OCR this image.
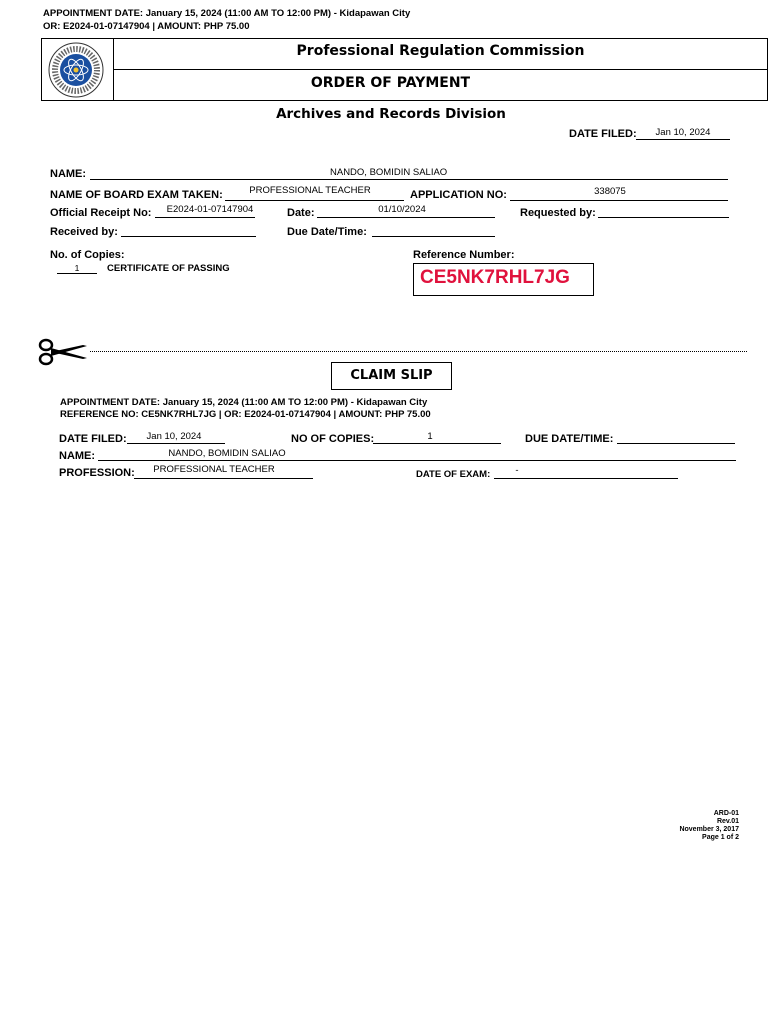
APPOINTMENT DATE: January 15, 2024 (11:00 AM TO 12:00 PM) - Kidapawan City
OR: E2024-01-07147904 | AMOUNT: PHP 75.00
Professional Regulation Commission
ORDER OF PAYMENT
Archives and Records Division
DATE FILED:	Jan 10, 2024
NAME:	NANDO, BOMIDIN SALIAO
NAME OF BOARD EXAM TAKEN:	PROFESSIONAL TEACHER	APPLICATION NO:	338075
Official Receipt No:	E2024-01-07147904	Date:	01/10/2024	Requested by:
Received by:	Due Date/Time:
No. of Copies:
1	CERTIFICATE OF PASSING
Reference Number:
CE5NK7RHL7JG
CLAIM SLIP
APPOINTMENT DATE: January 15, 2024 (11:00 AM TO 12:00 PM) - Kidapawan City
REFERENCE NO: CE5NK7RHL7JG | OR: E2024-01-07147904 | AMOUNT: PHP 75.00
DATE FILED:	Jan 10, 2024	NO OF COPIES:	1	DUE DATE/TIME:
NAME:	NANDO, BOMIDIN SALIAO
PROFESSION:	PROFESSIONAL TEACHER	DATE OF EXAM:	-
ARD-01
Rev.01
November 3, 2017
Page 1 of 2
